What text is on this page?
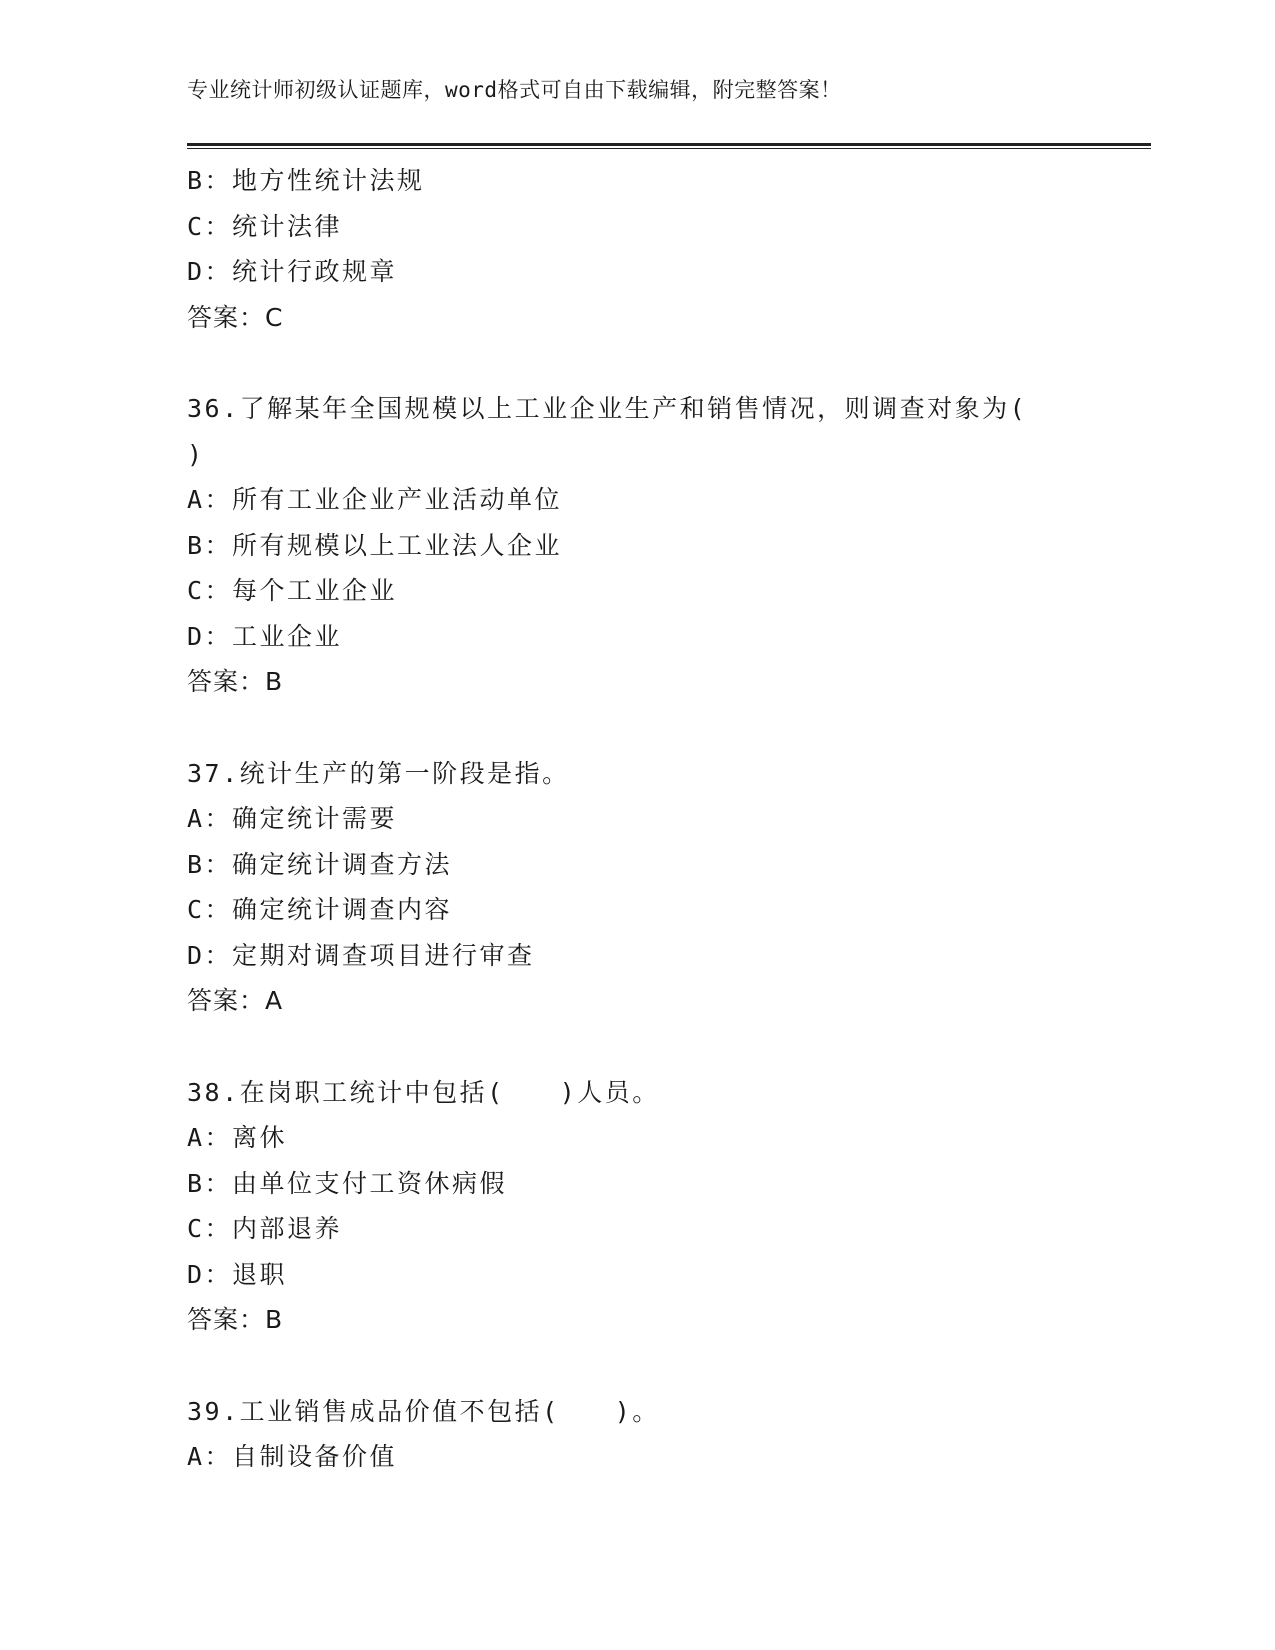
专业统计师初级认证题库，word格式可自由下载编辑，附完整答案！
B：地方性统计法规
C：统计法律
D：统计行政规章
答案：C
36.了解某年全国规模以上工业企业生产和销售情况，则调查对象为(
)
A：所有工业企业产业活动单位
B：所有规模以上工业法人企业
C：每个工业企业
D：工业企业
答案：B
37.统计生产的第一阶段是指。
A：确定统计需要
B：确定统计调查方法
C：确定统计调查内容
D：定期对调查项目进行审查
答案：A
38.在岗职工统计中包括(　　)人员。
A：离休
B：由单位支付工资休病假
C：内部退养
D：退职
答案：B
39.工业销售成品价值不包括(　　)。
A：自制设备价值
